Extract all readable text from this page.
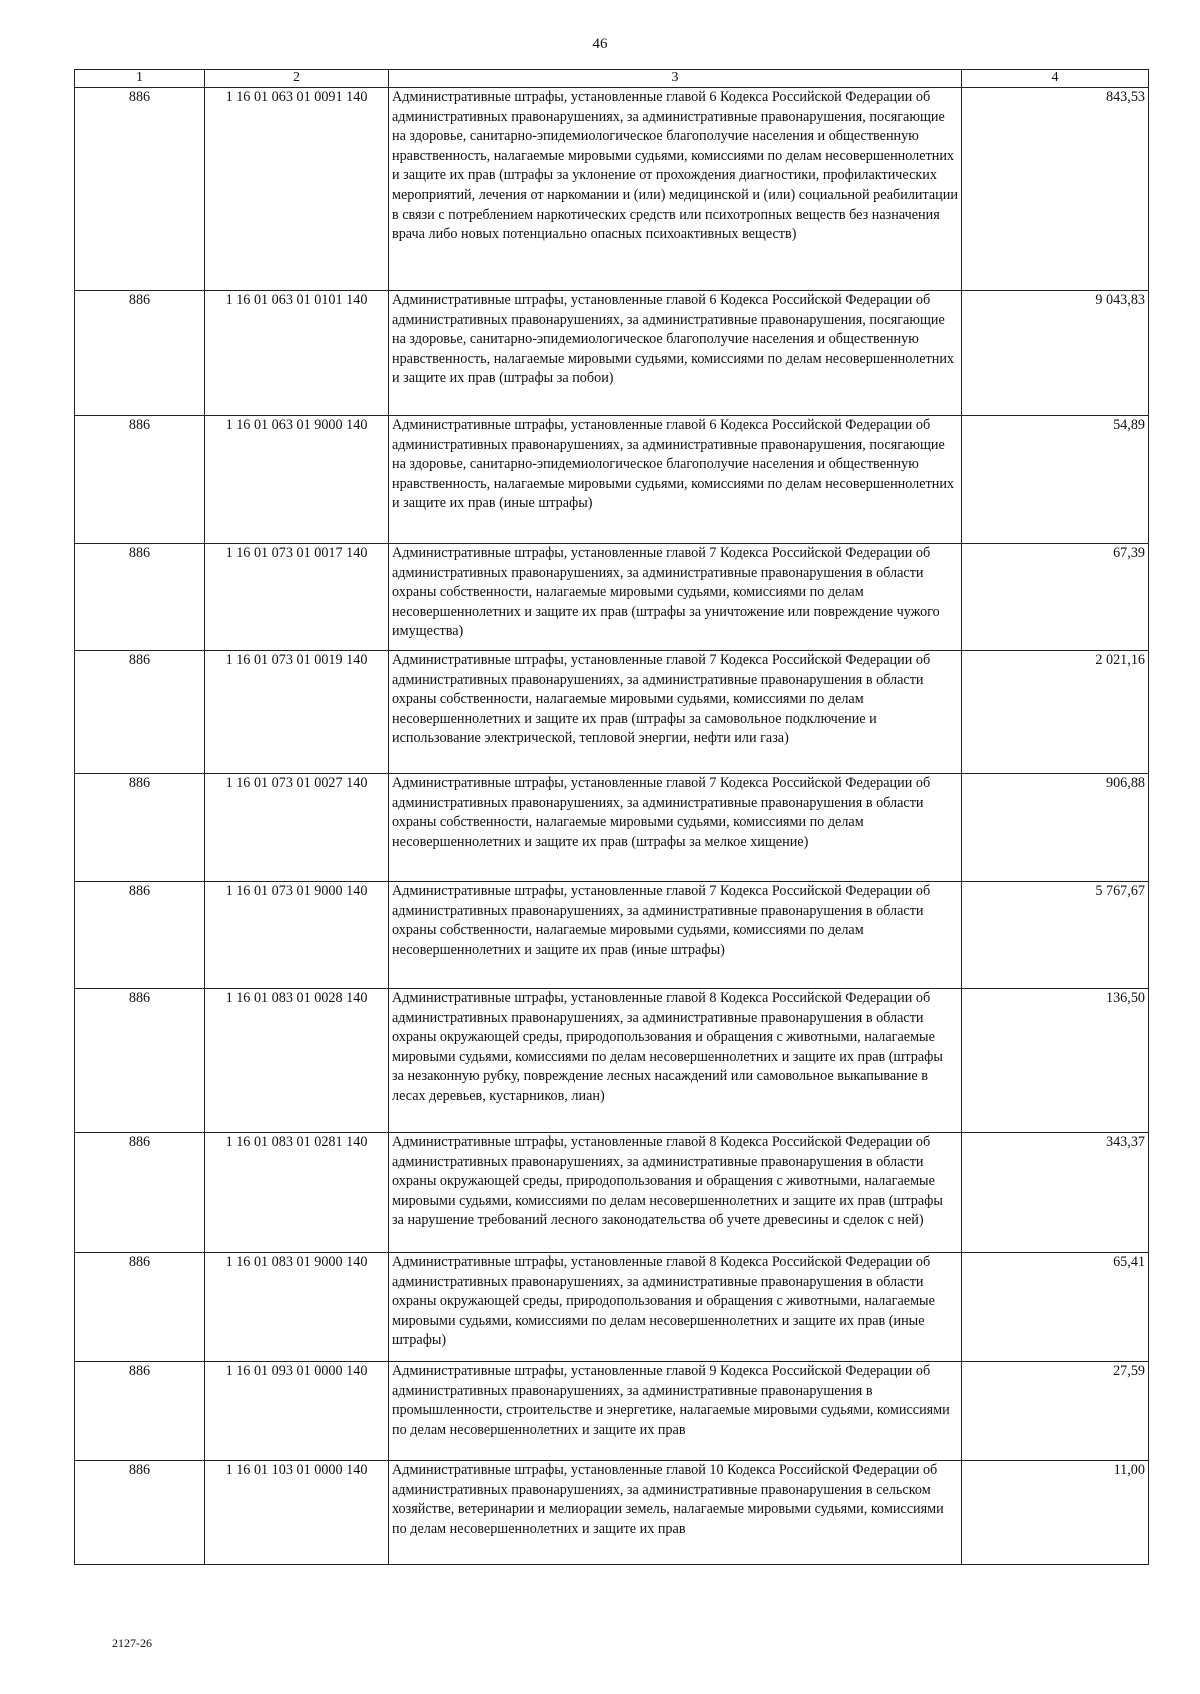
46
1	2	3	4
886	1 16 01 063 01 0091 140	Административные штрафы, установленные главой 6 Кодекса Российской Федерации об административных правонарушениях, за административные правонарушения, посягающие на здоровье, санитарно-эпидемиологическое благополучие населения и общественную нравственность, налагаемые мировыми судьями, комиссиями по делам несовершеннолетних и защите их прав (штрафы за уклонение от прохождения диагностики, профилактических мероприятий, лечения от наркомании и (или) медицинской и (или) социальной реабилитации в связи с потреблением наркотических средств или психотропных веществ без назначения врача либо новых потенциально опасных психоактивных веществ)	843,53
886	1 16 01 063 01 0101 140	Административные штрафы, установленные главой 6 Кодекса Российской Федерации об административных правонарушениях, за административные правонарушения, посягающие на здоровье, санитарно-эпидемиологическое благополучие населения и общественную нравственность, налагаемые мировыми судьями, комиссиями по делам несовершеннолетних и защите их прав (штрафы за побои)	9 043,83
886	1 16 01 063 01 9000 140	Административные штрафы, установленные главой 6 Кодекса Российской Федерации об административных правонарушениях, за административные правонарушения, посягающие на здоровье, санитарно-эпидемиологическое благополучие населения и общественную нравственность, налагаемые мировыми судьями, комиссиями по делам несовершеннолетних и защите их прав (иные штрафы)	54,89
886	1 16 01 073 01 0017 140	Административные штрафы, установленные главой 7 Кодекса Российской Федерации об административных правонарушениях, за административные правонарушения в области охраны собственности, налагаемые мировыми судьями, комиссиями по делам несовершеннолетних и защите их прав (штрафы за уничтожение или повреждение чужого имущества)	67,39
886	1 16 01 073 01 0019 140	Административные штрафы, установленные главой 7 Кодекса Российской Федерации об административных правонарушениях, за административные правонарушения в области охраны собственности, налагаемые мировыми судьями, комиссиями по делам несовершеннолетних и защите их прав (штрафы за самовольное подключение и использование электрической, тепловой энергии, нефти или газа)	2 021,16
886	1 16 01 073 01 0027 140	Административные штрафы, установленные главой 7 Кодекса Российской Федерации об административных правонарушениях, за административные правонарушения в области охраны собственности, налагаемые мировыми судьями, комиссиями по делам несовершеннолетних и защите их прав (штрафы за мелкое хищение)	906,88
886	1 16 01 073 01 9000 140	Административные штрафы, установленные главой 7 Кодекса Российской Федерации об административных правонарушениях, за административные правонарушения в области охраны собственности, налагаемые мировыми судьями, комиссиями по делам несовершеннолетних и защите их прав (иные штрафы)	5 767,67
886	1 16 01 083 01 0028 140	Административные штрафы, установленные главой 8 Кодекса Российской Федерации об административных правонарушениях, за административные правонарушения в области охраны окружающей среды, природопользования и обращения с животными, налагаемые мировыми судьями, комиссиями по делам несовершеннолетних и защите их прав (штрафы за незаконную рубку, повреждение лесных насаждений или самовольное выкапывание в лесах деревьев, кустарников, лиан)	136,50
886	1 16 01 083 01 0281 140	Административные штрафы, установленные главой 8 Кодекса Российской Федерации об административных правонарушениях, за административные правонарушения в области охраны окружающей среды, природопользования и обращения с животными, налагаемые мировыми судьями, комиссиями по делам несовершеннолетних и защите их прав (штрафы за нарушение требований лесного законодательства об учете древесины и сделок с ней)	343,37
886	1 16 01 083 01 9000 140	Административные штрафы, установленные главой 8 Кодекса Российской Федерации об административных правонарушениях, за административные правонарушения в области охраны окружающей среды, природопользования и обращения с животными, налагаемые мировыми судьями, комиссиями по делам несовершеннолетних и защите их прав (иные штрафы)	65,41
886	1 16 01 093 01 0000 140	Административные штрафы, установленные главой 9 Кодекса Российской Федерации об административных правонарушениях, за административные правонарушения в промышленности, строительстве и энергетике, налагаемые мировыми судьями, комиссиями по делам несовершеннолетних и защите их прав	27,59
886	1 16 01 103 01 0000 140	Административные штрафы, установленные главой 10 Кодекса Российской Федерации об административных правонарушениях, за административные правонарушения в сельском хозяйстве, ветеринарии и мелиорации земель, налагаемые мировыми судьями, комиссиями по делам несовершеннолетних и защите их прав	11,00
2127-26
